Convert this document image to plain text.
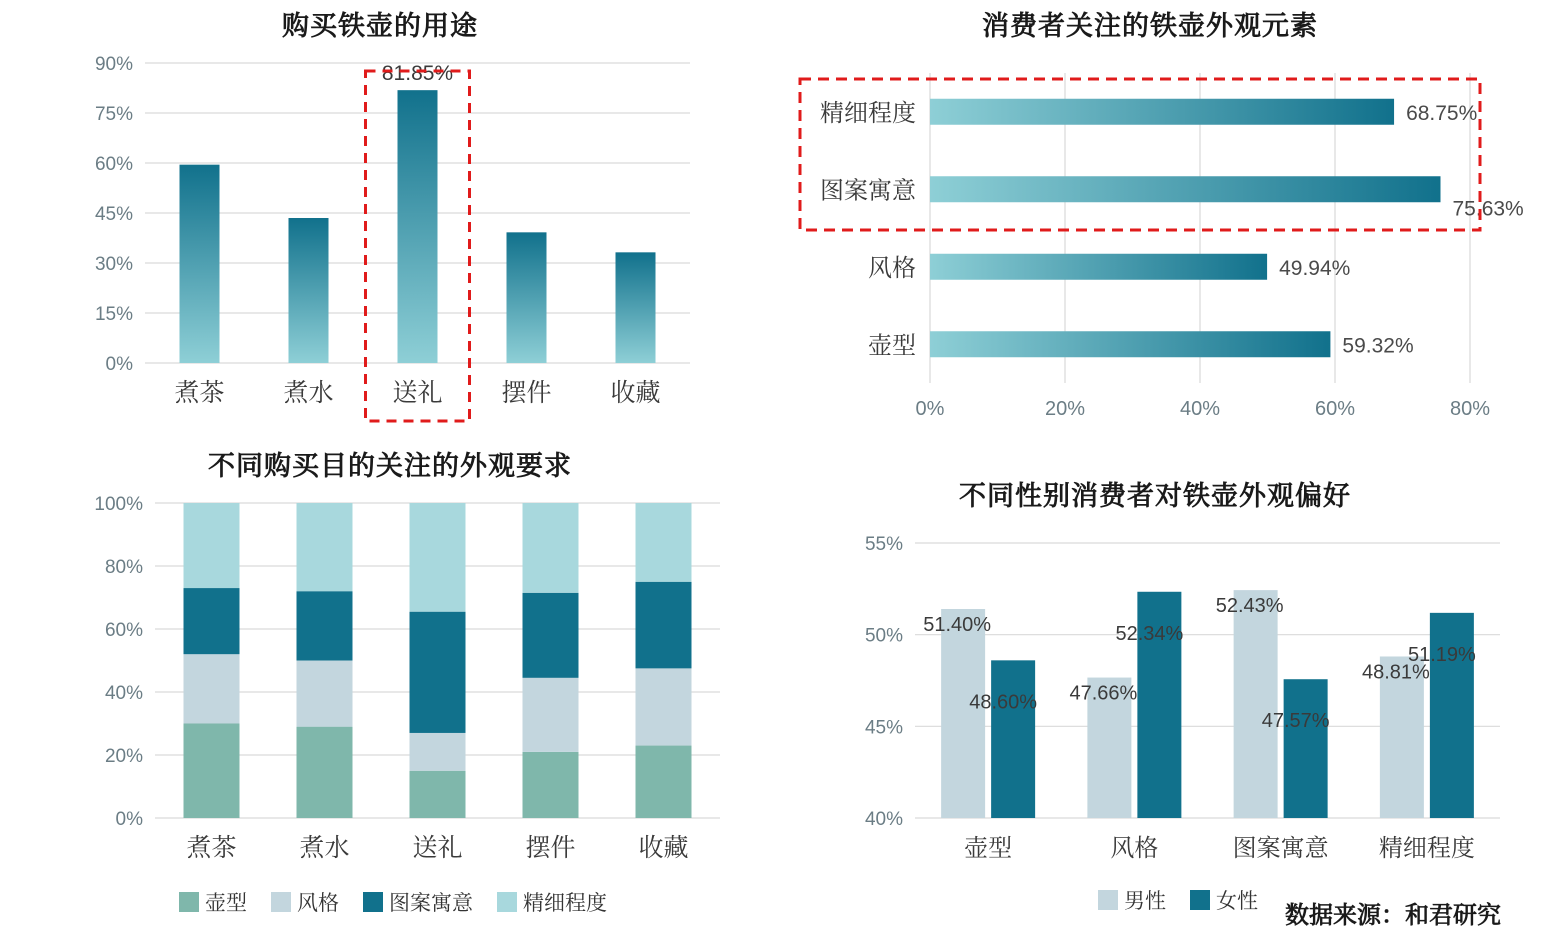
购买铁壶的用途
0%
15%
30%
45%
60%
75%
90%
煮茶 煮水 送礼
81.85%
摆件 收藏
消费者关注的铁壶外观元素
0%	20%	40%	60%	80%
精细程度	68.75%
图案寓意
75.63%
风格	49.94%
壶型	59.32%
不同购买目的关注的外观要求
0%
20%
40%
60%
80%
100%
煮茶	煮水	送礼	摆件	收藏
壶型 风格 图案寓意 精细程度
不同性别消费者对铁壶外观偏好
40%
45%
50%
55%
51.40%
48.60%
壶型
47.66%
52.34%
风格
52.43%
47.57%
图案寓意
48.81%
51.19%
精细程度
男性 女性
数据来源：和君研究
